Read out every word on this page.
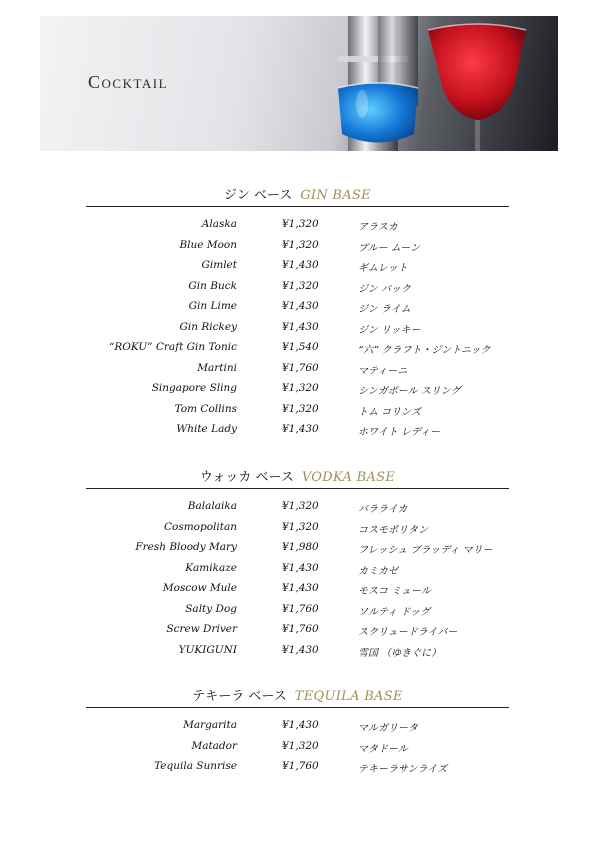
Cocktail
ジン ベース GIN BASE
Alaska	¥1,320	アラスカ
Blue Moon	¥1,320	ブルー ムーン
Gimlet	¥1,430	ギムレット
Gin Buck	¥1,320	ジン バック
Gin Lime	¥1,430	ジン ライム
Gin Rickey	¥1,430	ジン リッキー
“ROKU” Craft Gin Tonic	¥1,540	“六” クラフト・ジントニック
Martini	¥1,760	マティーニ
Singapore Sling	¥1,320	シンガポール スリング
Tom Collins	¥1,320	トム コリンズ
White Lady	¥1,430	ホワイト レディー
ウォッカ ベース VODKA BASE
Balalaika	¥1,320	バラライカ
Cosmopolitan	¥1,320	コスモポリタン
Fresh Bloody Mary	¥1,980	フレッシュ ブラッディ マリー
Kamikaze	¥1,430	カミカゼ
Moscow Mule	¥1,430	モスコ ミュール
Salty Dog	¥1,760	ソルティ ドッグ
Screw Driver	¥1,760	スクリュードライバー
YUKIGUNI	¥1,430	雪国 （ゆきぐに）
テキーラ ベース TEQUILA BASE
Margarita	¥1,430	マルガリータ
Matador	¥1,320	マタドール
Tequila Sunrise	¥1,760	テキーラサンライズ
